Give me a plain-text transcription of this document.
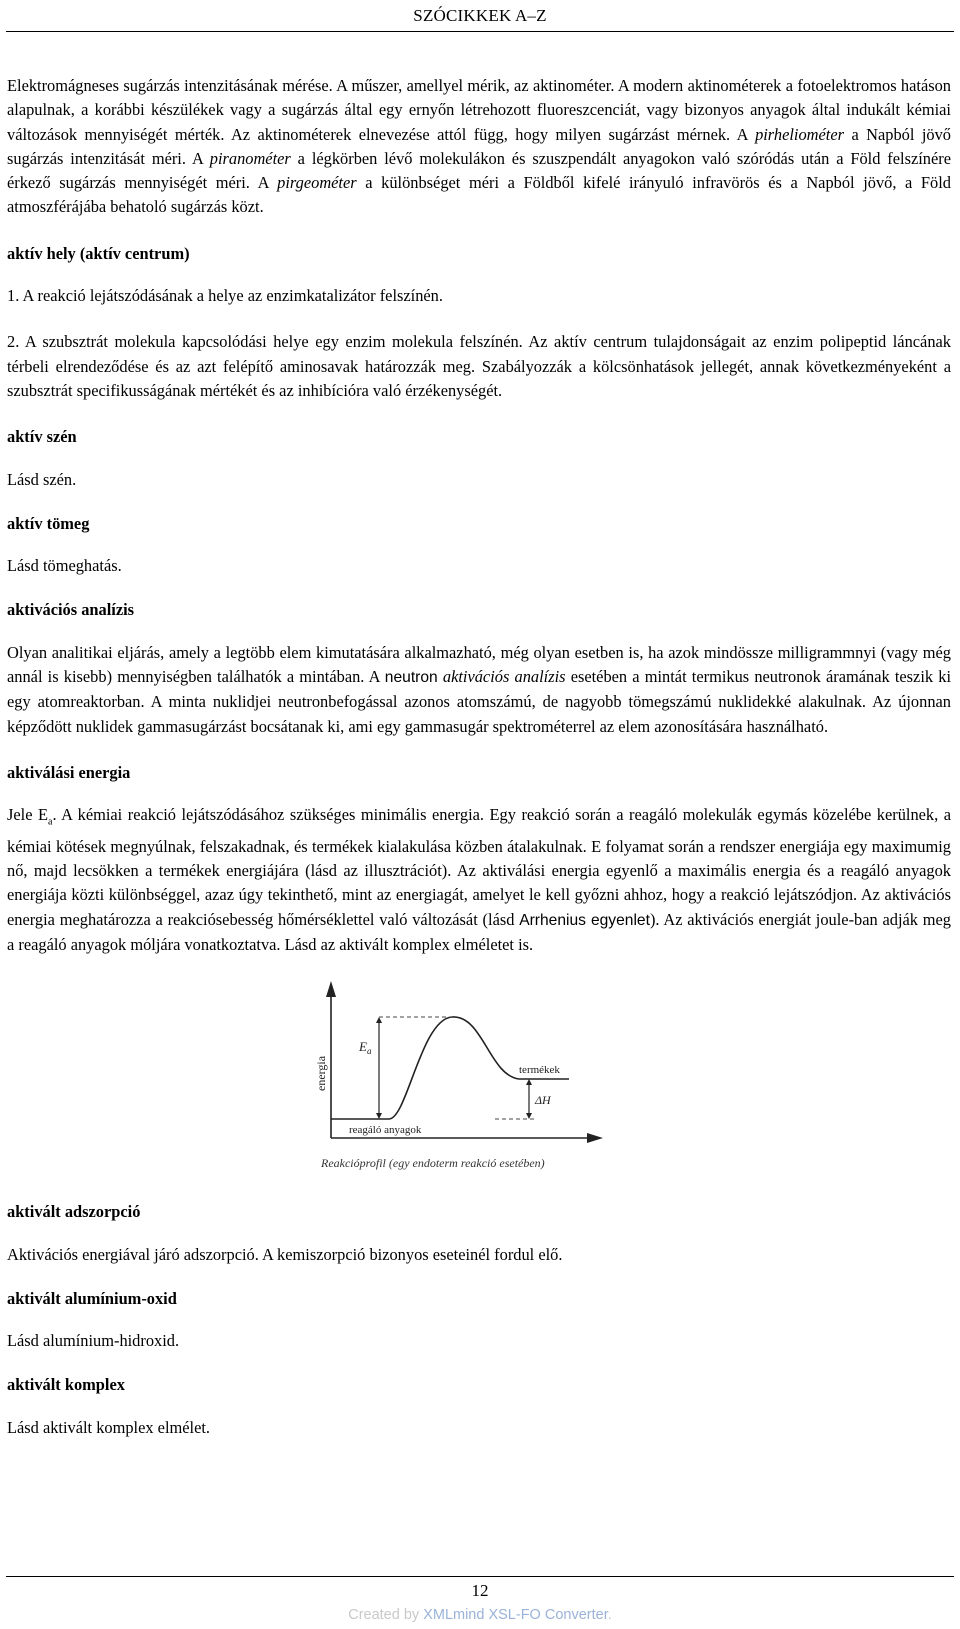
SZÓCIKKEK A–Z

Elektromágneses sugárzás intenzitásának mérése. A műszer, amellyel mérik, az aktinométer. A modern aktinométerek a fotoelektromos hatáson alapulnak, a korábbi készülékek vagy a sugárzás által egy ernyőn létrehozott fluoreszcenciát, vagy bizonyos anyagok által indukált kémiai változások mennyiségét mérték. Az aktinométerek elnevezése attól függ, hogy milyen sugárzást mérnek. A pirheliométer a Napból jövő sugárzás intenzitását méri. A piranométer a légkörben lévő molekulákon és szuszpendált anyagokon való szóródás után a Föld felszínére érkező sugárzás mennyiségét méri. A pirgeométer a különbséget méri a Földből kifelé irányuló infravörös és a Napból jövő, a Föld atmoszférájába behatoló sugárzás közt.

aktív hely (aktív centrum)

1. A reakció lejátszódásának a helye az enzimkatalizátor felszínén.

2. A szubsztrát molekula kapcsolódási helye egy enzim molekula felszínén. Az aktív centrum tulajdonságait az enzim polipeptid láncának térbeli elrendeződése és az azt felépítő aminosavak határozzák meg. Szabályozzák a kölcsönhatások jellegét, annak következményeként a szubsztrát specifikusságának mértékét és az inhibícióra való érzékenységét.

aktív szén

Lásd szén.

aktív tömeg

Lásd tömeghatás.

aktivációs analízis

Olyan analitikai eljárás, amely a legtöbb elem kimutatására alkalmazható, még olyan esetben is, ha azok mindössze milligrammnyi (vagy még annál is kisebb) mennyiségben találhatók a mintában. A neutron aktivációs analízis esetében a mintát termikus neutronok áramának teszik ki egy atomreaktorban. A minta nuklidjei neutronbefogással azonos atomszámú, de nagyobb tömegszámú nuklidekké alakulnak. Az újonnan képződött nuklidek gammasugárzást bocsátanak ki, ami egy gammasugár spektrométerrel az elem azonosítására használható.

aktiválási energia

Jele $E_a$. A kémiai reakció lejátszódásához szükséges minimális energia. Egy reakció során a reagáló molekulák egymás közelébe kerülnek, a kémiai kötések megnyúlnak, felszakadnak, és termékek kialakulása közben átalakulnak. E folyamat során a rendszer energiája egy maximumig nő, majd lecsökken a termékek energiájára (lásd az illusztrációt). Az aktiválási energia egyenlő a maximális energia és a reagáló anyagok energiája közti különbséggel, azaz úgy tekinthető, mint az energiagát, amelyet le kell győzni ahhoz, hogy a reakció lejátszódjon. Az aktivációs energia meghatározza a reakciósebesség hőmérséklettel való változását (lásd Arrhenius egyenlet). Az aktivációs energiát joule-ban adják meg a reagáló anyagok móljára vonatkoztatva. Lásd az aktivált komplex elméletet is.

energia
$E_a$
ΔH
termékek
reagáló anyagok
Reakcióprofil (egy endoterm reakció esetében)

aktivált adszorpció

Aktivációs energiával járó adszorpció. A kemiszorpció bizonyos eseteinél fordul elő.

aktivált alumínium-oxid

Lásd alumínium-hidroxid.

aktivált komplex

Lásd aktivált komplex elmélet.

12
Created by XMLmind XSL-FO Converter.
